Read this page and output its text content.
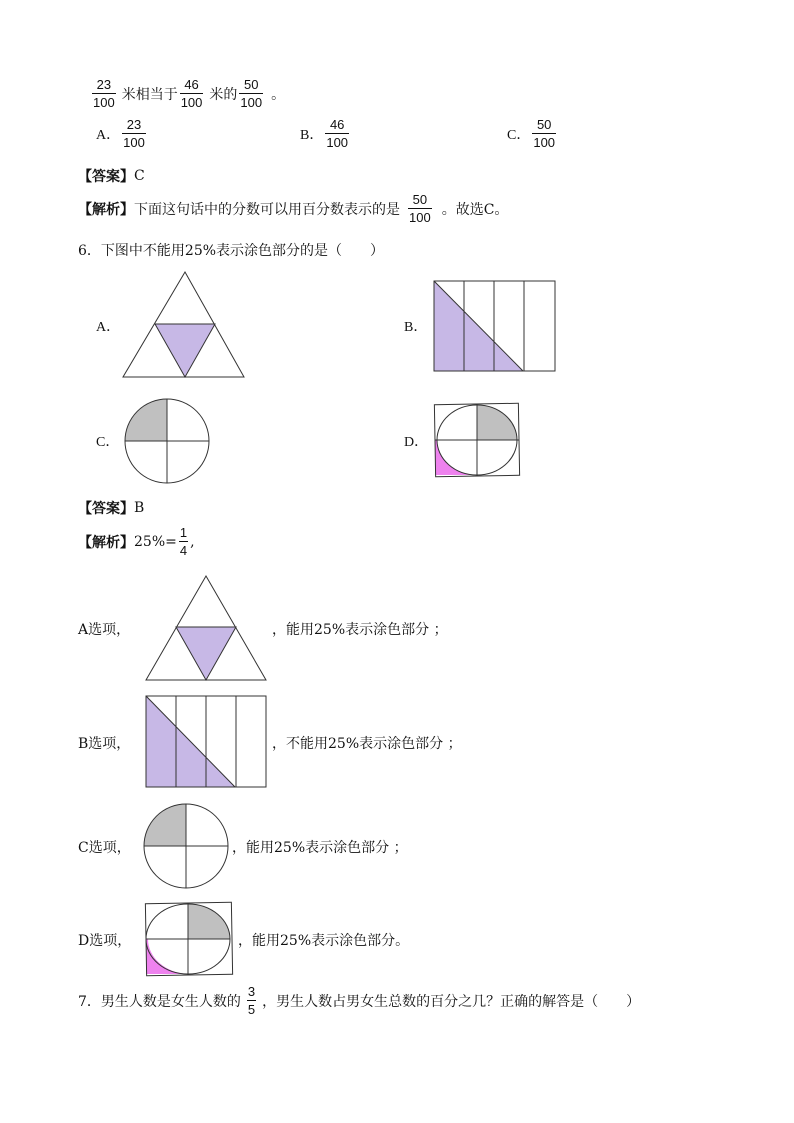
$\frac{23}{100}$ 米相当于 $\frac{46}{100}$ 米的 $\frac{50}{100}$ 。
A． $\frac{23}{100}$	B． $\frac{46}{100}$	C． $\frac{50}{100}$
【答案】 C
【解析】 下面这句话中的分数可以用百分数表示的是 $\frac{50}{100}$ 。故选C。
6．下图中不能用25%表示涂色部分的是（　　）
A．	B．
C．	D．
【答案】 B
【解析】 $25\%= \frac{1}{4}$ ,
A选项，	，能用25%表示涂色部分 ；
B选项，	，不能用25%表示涂色部分 ；
C选项，	，能用25%表示涂色部分 ；
D选项，	，能用25%表示涂色部分。
7．男生人数是女生人数的 $\frac{3}{5}$ ，男生人数占男女生总数的百分之几？正确的解答是（　　）
